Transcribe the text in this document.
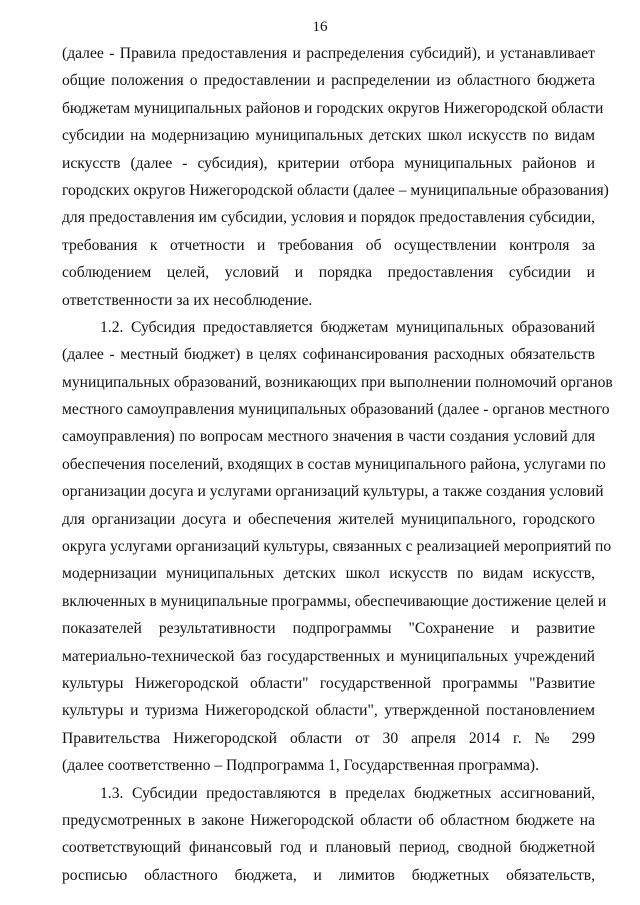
16
(далее - Правила предоставления и распределения субсидий), и устанавливает
общие положения о предоставлении и распределении из областного бюджета
бюджетам муниципальных районов и городских округов Нижегородской области
субсидии на модернизацию муниципальных детских школ искусств по видам
искусств (далее - субсидия), критерии отбора муниципальных районов и
городских округов Нижегородской области (далее – муниципальные образования)
для предоставления им субсидии, условия и порядок предоставления субсидии,
требования к отчетности и требования об осуществлении контроля за
соблюдением целей, условий и порядка предоставления субсидии и
ответственности за их несоблюдение.
1.2. Субсидия предоставляется бюджетам муниципальных образований
(далее - местный бюджет) в целях софинансирования расходных обязательств
муниципальных образований, возникающих при выполнении полномочий органов
местного самоуправления муниципальных образований (далее - органов местного
самоуправления) по вопросам местного значения в части создания условий для
обеспечения поселений, входящих в состав муниципального района, услугами по
организации досуга и услугами организаций культуры, а также создания условий
для организации досуга и обеспечения жителей муниципального, городского
округа услугами организаций культуры, связанных с реализацией мероприятий по
модернизации муниципальных детских школ искусств по видам искусств,
включенных в муниципальные программы, обеспечивающие достижение целей и
показателей результативности подпрограммы "Сохранение и развитие
материально-технической баз государственных и муниципальных учреждений
культуры Нижегородской области" государственной программы "Развитие
культуры и туризма Нижегородской области", утвержденной постановлением
Правительства Нижегородской области от 30 апреля 2014 г. № 299
(далее соответственно – Подпрограмма 1, Государственная программа).
1.3. Субсидии предоставляются в пределах бюджетных ассигнований,
предусмотренных в законе Нижегородской области об областном бюджете на
соответствующий финансовый год и плановый период, сводной бюджетной
росписью областного бюджета, и лимитов бюджетных обязательств,
